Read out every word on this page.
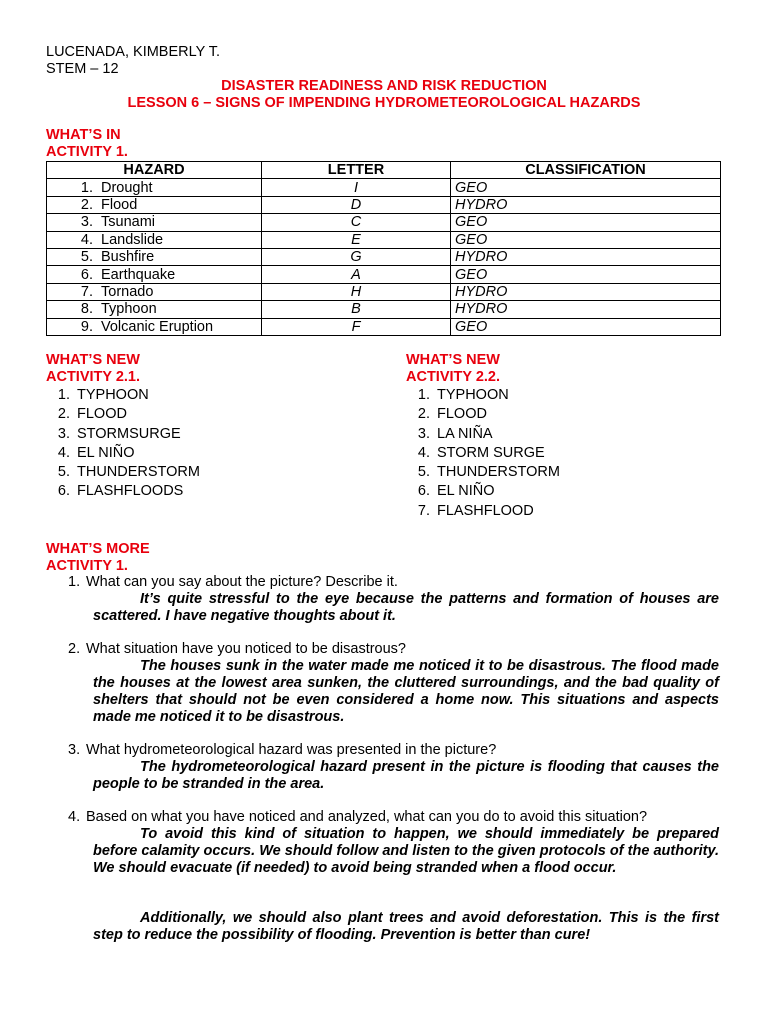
LUCENADA, KIMBERLY T.
STEM – 12
DISASTER READINESS AND RISK REDUCTION
LESSON 6 – SIGNS OF IMPENDING HYDROMETEOROLOGICAL HAZARDS
WHAT’S IN
ACTIVITY 1.
HAZARD	LETTER	CLASSIFICATION
1. Drought	I	GEO
2. Flood	D	HYDRO
3. Tsunami	C	GEO
4. Landslide	E	GEO
5. Bushfire	G	HYDRO
6. Earthquake	A	GEO
7. Tornado	H	HYDRO
8. Typhoon	B	HYDRO
9. Volcanic Eruption	F	GEO
WHAT’S NEW
ACTIVITY 2.1.
1. TYPHOON
2. FLOOD
3. STORMSURGE
4. EL NIÑO
5. THUNDERSTORM
6. FLASHFLOODS
WHAT’S NEW
ACTIVITY 2.2.
1. TYPHOON
2. FLOOD
3. LA NIÑA
4. STORM SURGE
5. THUNDERSTORM
6. EL NIÑO
7. FLASHFLOOD
WHAT’S MORE
ACTIVITY 1.
1. What can you say about the picture? Describe it.
It’s quite stressful to the eye because the patterns and formation of houses are scattered. I have negative thoughts about it.
2. What situation have you noticed to be disastrous?
The houses sunk in the water made me noticed it to be disastrous. The flood made the houses at the lowest area sunken, the cluttered surroundings, and the bad quality of shelters that should not be even considered a home now. This situations and aspects made me noticed it to be disastrous.
3. What hydrometeorological hazard was presented in the picture?
The hydrometeorological hazard present in the picture is flooding that causes the people to be stranded in the area.
4. Based on what you have noticed and analyzed, what can you do to avoid this situation?
To avoid this kind of situation to happen, we should immediately be prepared before calamity occurs. We should follow and listen to the given protocols of the authority. We should evacuate (if needed) to avoid being stranded when a flood occur.
Additionally, we should also plant trees and avoid deforestation. This is the first step to reduce the possibility of flooding. Prevention is better than cure!
